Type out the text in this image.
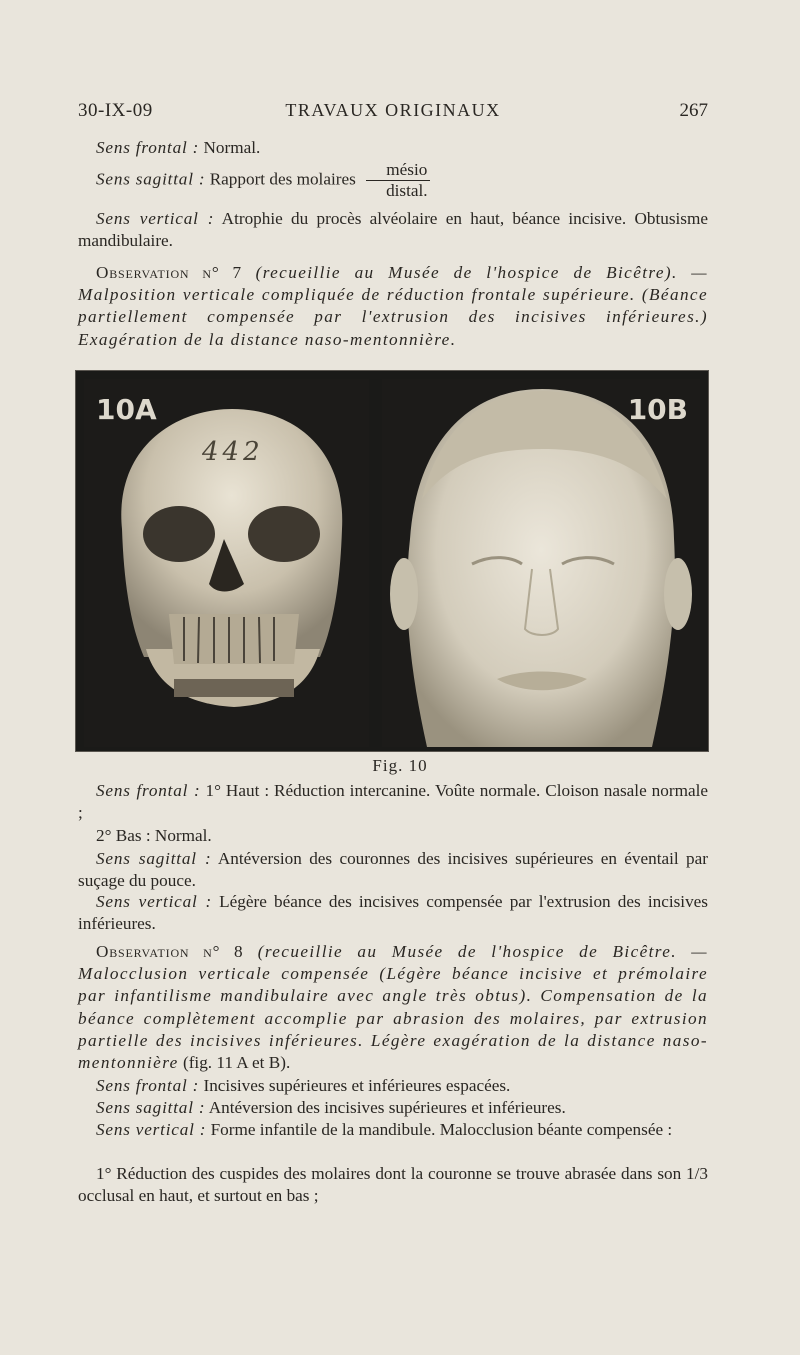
30-IX-09	TRAVAUX ORIGINAUX	267
Sens frontal : Normal.
Sens sagittal : Rapport des molaires $\frac{\text{mésio}}{\text{distal.}}$
Sens vertical : Atrophie du procès alvéolaire en haut, béance incisive. Obtusisme mandibulaire.
Observation n° 7 (recueillie au Musée de l'hospice de Bicêtre). — Malposition verticale compliquée de réduction frontale supérieure. (Béance partiellement compensée par l'extrusion des incisives inférieures.) Exagération de la distance naso-mentonnière.
10A
442
10B
Fig. 10
Sens frontal : 1° Haut : Réduction intercanine. Voûte normale. Cloison nasale normale ;
2° Bas : Normal.
Sens sagittal : Antéversion des couronnes des incisives supérieures en éventail par suçage du pouce.
Sens vertical : Légère béance des incisives compensée par l'extrusion des incisives inférieures.
Observation n° 8 (recueillie au Musée de l'hospice de Bicêtre. — Malocclusion verticale compensée (Légère béance incisive et prémolaire par infantilisme mandibulaire avec angle très obtus). Compensation de la béance complètement accomplie par abrasion des molaires, par extrusion partielle des incisives inférieures. Légère exagération de la distance naso-mentonnière (fig. 11 A et B).
Sens frontal : Incisives supérieures et inférieures espacées.
Sens sagittal : Antéversion des incisives supérieures et inférieures.
Sens vertical : Forme infantile de la mandibule. Malocclusion béante compensée :
1° Réduction des cuspides des molaires dont la couronne se trouve abrasée dans son 1/3 occlusal en haut, et surtout en bas ;
